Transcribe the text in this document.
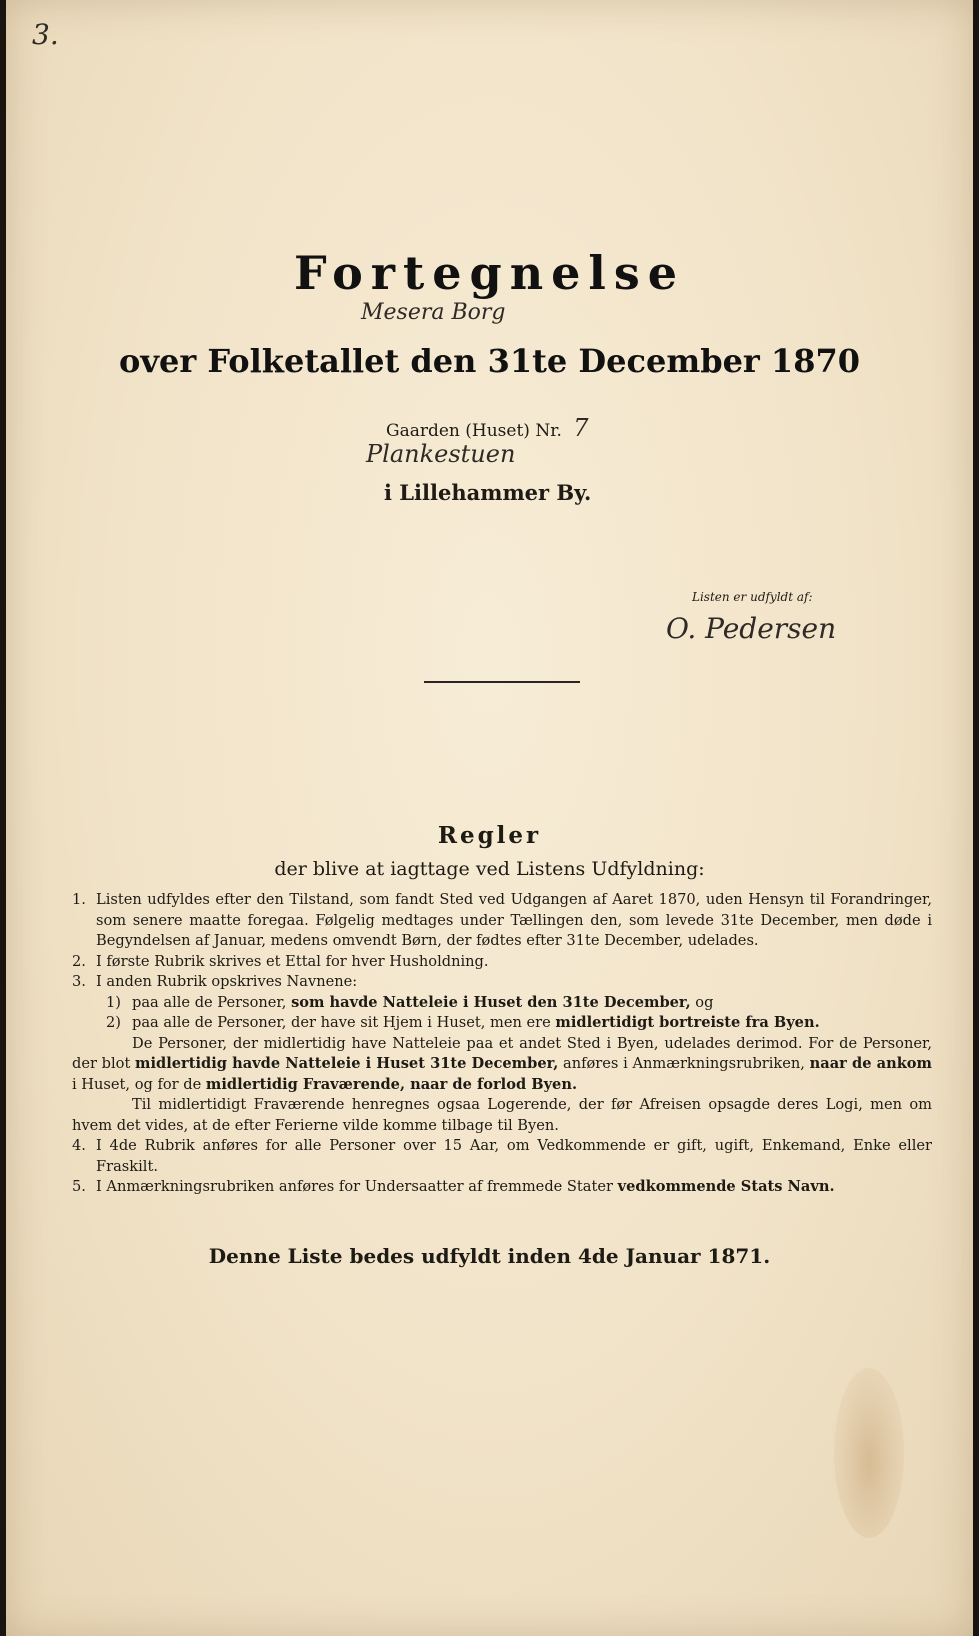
3.
Fortegnelse
Mesera Borg
over Folketallet den 31te December 1870
Gaarden (Huset) Nr. 7
Plankestuen
i Lillehammer By.
Listen er udfyldt af:
O. Pedersen
Regler
der blive at iagttage ved Listens Udfyldning:

1. Listen udfyldes efter den Tilstand, som fandt Sted ved Udgangen af Aaret 1870, uden Hensyn til Forandringer, som senere maatte foregaa. Følgelig medtages under Tællingen den, som levede 31te December, men døde i Begyndelsen af Januar, medens omvendt Børn, der fødtes efter 31te December, udelades.

2. I første Rubrik skrives et Ettal for hver Husholdning.

3. I anden Rubrik opskrives Navnene:

1) paa alle de Personer, som havde Natteleie i Huset den 31te December, og

2) paa alle de Personer, der have sit Hjem i Huset, men ere midlertidigt bortreiste fra Byen.

De Personer, der midlertidig have Natteleie paa et andet Sted i Byen, udelades derimod. For de Personer, der blot midlertidig havde Natteleie i Huset 31te December, anføres i Anmærkningsrubriken, naar de ankom i Huset, og for de midlertidig Fraværende, naar de forlod Byen.

Til midlertidigt Fraværende henregnes ogsaa Logerende, der før Afreisen opsagde deres Logi, men om hvem det vides, at de efter Ferierne vilde komme tilbage til Byen.

4. I 4de Rubrik anføres for alle Personer over 15 Aar, om Vedkommende er gift, ugift, Enkemand, Enke eller Fraskilt.

5. I Anmærkningsrubriken anføres for Undersaatter af fremmede Stater vedkommende Stats Navn.

Denne Liste bedes udfyldt inden 4de Januar 1871.
